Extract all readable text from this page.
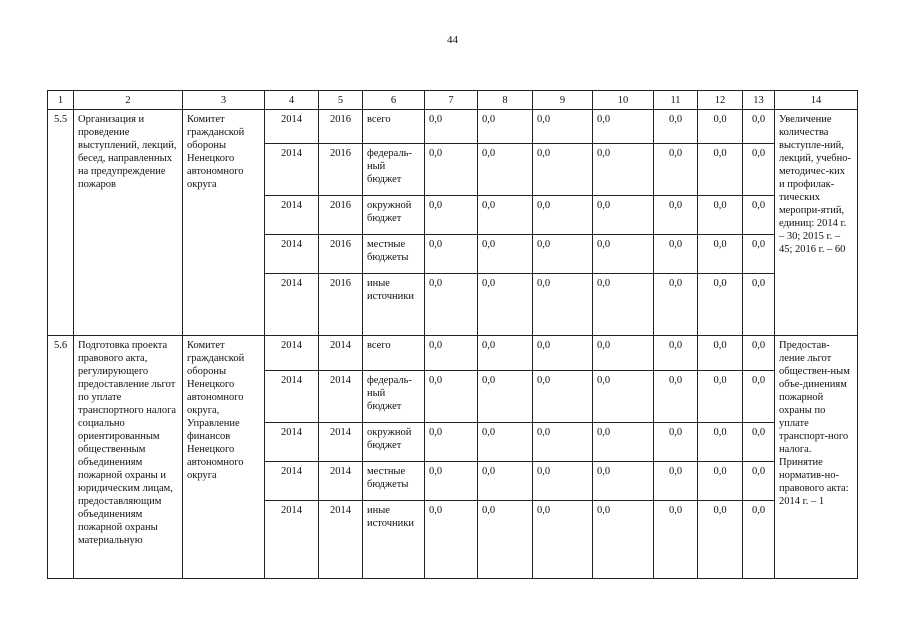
44
1	2	3	4	5	6	7	8	9	10	11	12	13	14
5.5	Организация и проведение выступлений, лекций, бесед, направленных на предупреждение пожаров	Комитет гражданской обороны Ненецкого автономного округа	2014	2016	всего	0,0	0,0	0,0	0,0	0,0	0,0	0,0	Увеличение количества выступле-ний, лекций, учебно-методичес-ких и профилак-тических меропри-ятий, единиц: 2014 г. – 30; 2015 г. – 45; 2016 г. – 60
			2014	2016	федераль-ный бюджет	0,0	0,0	0,0	0,0	0,0	0,0	0,0	
			2014	2016	окружной бюджет	0,0	0,0	0,0	0,0	0,0	0,0	0,0	
			2014	2016	местные бюджеты	0,0	0,0	0,0	0,0	0,0	0,0	0,0	
			2014	2016	иные источники	0,0	0,0	0,0	0,0	0,0	0,0	0,0	
5.6	Подготовка проекта правового акта, регулирующего предоставление льгот по уплате транспортного налога социально ориентированным общественным объединениям пожарной охраны и юридическим лицам, предоставляющим объединениям пожарной охраны материальную	Комитет гражданской обороны Ненецкого автономного округа, Управление финансов Ненецкого автономного округа	2014	2014	всего	0,0	0,0	0,0	0,0	0,0	0,0	0,0	Предостав-ление льгот обществен-ным объе-динениям пожарной охраны по уплате транспорт-ного налога. Принятие норматив-но-правового акта: 2014 г. – 1
			2014	2014	федераль-ный бюджет	0,0	0,0	0,0	0,0	0,0	0,0	0,0	
			2014	2014	окружной бюджет	0,0	0,0	0,0	0,0	0,0	0,0	0,0	
			2014	2014	местные бюджеты	0,0	0,0	0,0	0,0	0,0	0,0	0,0	
			2014	2014	иные источники	0,0	0,0	0,0	0,0	0,0	0,0	0,0	
